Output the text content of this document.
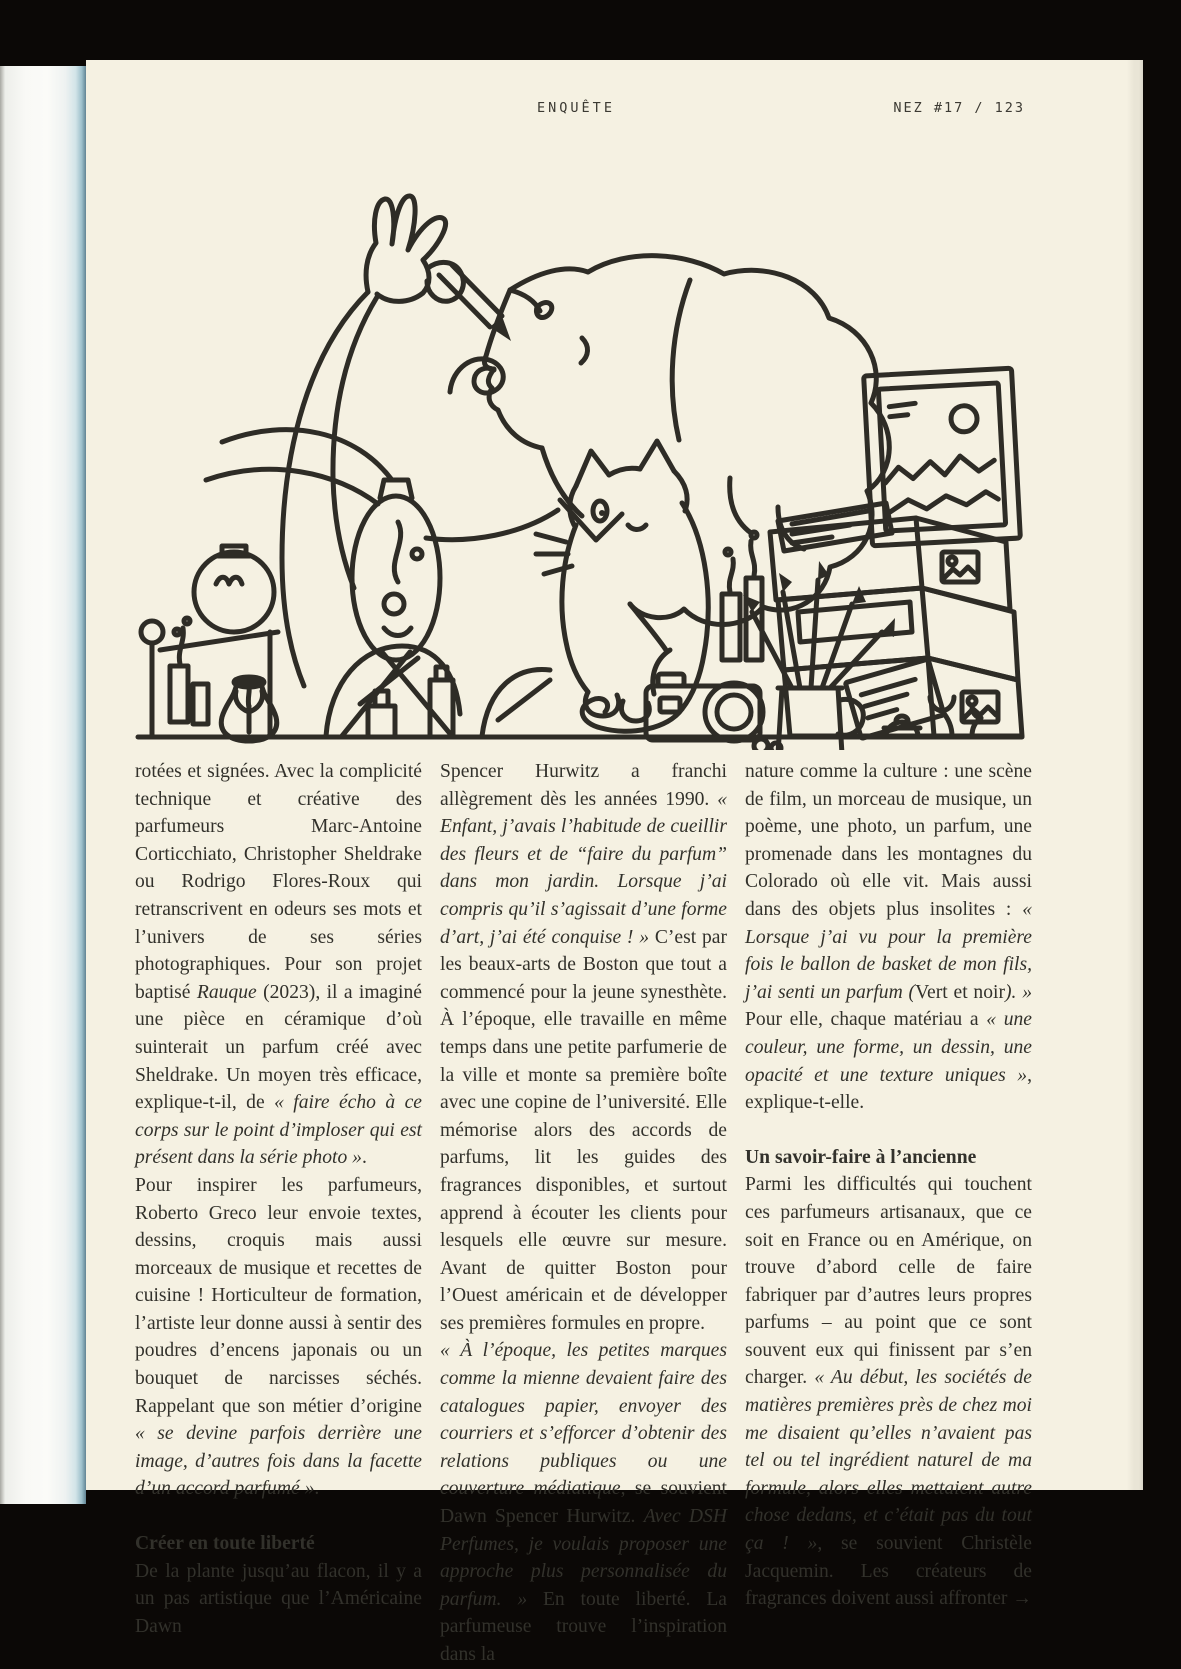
ENQUÊTE	NEZ #17 / 123

rotées et signées. Avec la complicité technique et créative des parfumeurs Marc-Antoine Corticchiato, Christopher Sheldrake ou Rodrigo Flores-Roux qui retranscrivent en odeurs ses mots et l’univers de ses séries photographiques. Pour son projet baptisé Rauque (2023), il a imaginé une pièce en céramique d’où suinterait un parfum créé avec Sheldrake. Un moyen très efficace, explique-t-il, de « faire écho à ce corps sur le point d’imploser qui est présent dans la série photo ».

Pour inspirer les parfumeurs, Roberto Greco leur envoie textes, dessins, croquis mais aussi morceaux de musique et recettes de cuisine ! Horticulteur de formation, l’artiste leur donne aussi à sentir des poudres d’encens japonais ou un bouquet de narcisses séchés. Rappelant que son métier d’origine « se devine parfois derrière une image, d’autres fois dans la facette d’un accord parfumé ».

Créer en toute liberté

De la plante jusqu’au flacon, il y a un pas artistique que l’Américaine Dawn

Spencer Hurwitz a franchi allègrement dès les années 1990. « Enfant, j’avais l’habitude de cueillir des fleurs et de “faire du parfum” dans mon jardin. Lorsque j’ai compris qu’il s’agissait d’une forme d’art, j’ai été conquise ! » C’est par les beaux-arts de Boston que tout a commencé pour la jeune synesthète. À l’époque, elle travaille en même temps dans une petite parfumerie de la ville et monte sa première boîte avec une copine de l’université. Elle mémorise alors des accords de parfums, lit les guides des fragrances disponibles, et surtout apprend à écouter les clients pour lesquels elle œuvre sur mesure. Avant de quitter Boston pour l’Ouest américain et de développer ses premières formules en propre.

« À l’époque, les petites marques comme la mienne devaient faire des catalogues papier, envoyer des courriers et s’efforcer d’obtenir des relations publiques ou une couverture médiatique, se souvient Dawn Spencer Hurwitz. Avec DSH Perfumes, je voulais proposer une approche plus personnalisée du parfum. » En toute liberté. La parfumeuse trouve l’inspiration dans la

nature comme la culture : une scène de film, un morceau de musique, un poème, une photo, un parfum, une promenade dans les montagnes du Colorado où elle vit. Mais aussi dans des objets plus insolites : « Lorsque j’ai vu pour la première fois le ballon de basket de mon fils, j’ai senti un parfum (Vert et noir). » Pour elle, chaque matériau a « une couleur, une forme, un dessin, une opacité et une texture uniques », explique-t-elle.

Un savoir-faire à l’ancienne

Parmi les difficultés qui touchent ces parfumeurs artisanaux, que ce soit en France ou en Amérique, on trouve d’abord celle de faire fabriquer par d’autres leurs propres parfums – au point que ce sont souvent eux qui finissent par s’en charger. « Au début, les sociétés de matières premières près de chez moi me disaient qu’elles n’avaient pas tel ou tel ingrédient naturel de ma formule, alors elles mettaient autre chose dedans, et c’était pas du tout ça ! », se souvient Christèle Jacquemin. Les créateurs de fragrances doivent aussi affronter →
